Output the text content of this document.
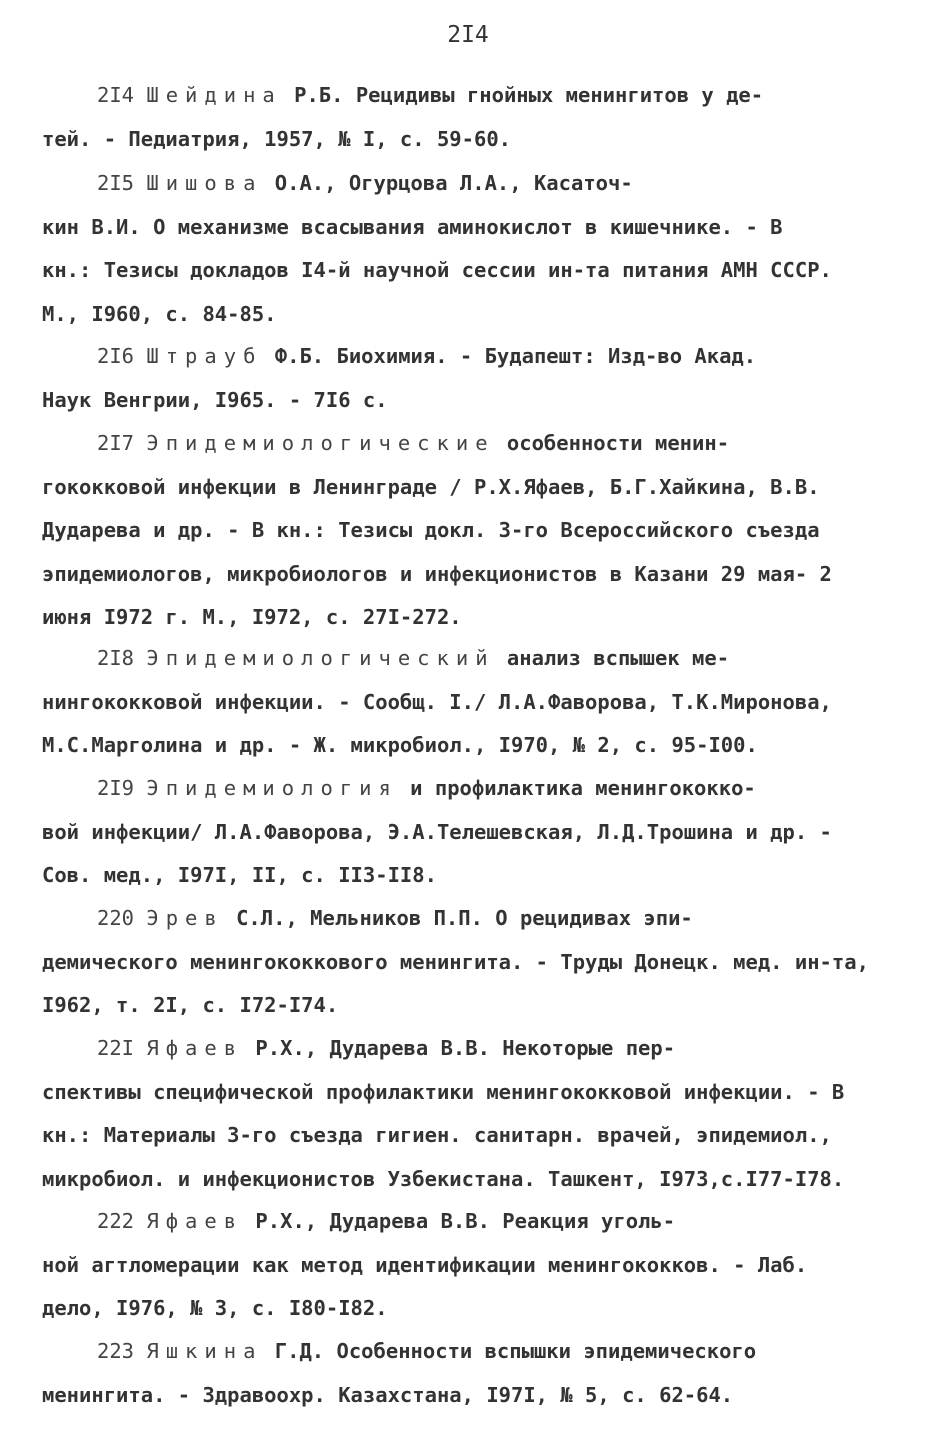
2I4
2I4 Шейдина Р.Б. Рецидивы гнойных менингитов у де-
тей. - Педиатрия, 1957, № I, с. 59-60.
2I5 Шишова О.А., Огурцова Л.А., Касаточ-
кин В.И. О механизме всасывания аминокислот в кишечнике. - В
кн.: Тезисы докладов I4-й научной сессии ин-та питания АМН СССР.
М., I960, с. 84-85.
2I6 Штрауб Ф.Б. Биохимия. - Будапешт: Изд-во Акад.
Наук Венгрии, I965. - 7I6 с.
2I7 Эпидемиологические особенности менин-
гококковой инфекции в Ленинграде / Р.Х.Яфаев, Б.Г.Хайкина, В.В.
Дударева и др. - В кн.: Тезисы докл. 3-го Всероссийского съезда
эпидемиологов, микробиологов и инфекционистов в Казани 29 мая- 2
июня I972 г. М., I972, с. 27I-272.
2I8 Эпидемиологический анализ вспышек ме-
нингококковой инфекции. - Сообщ. I./ Л.А.Фаворова, Т.К.Миронова,
М.С.Марголина и др. - Ж. микробиол., I970, № 2, с. 95-I00.
2I9 Эпидемиология и профилактика менингококко-
вой инфекции/ Л.А.Фаворова, Э.А.Телешевская, Л.Д.Трошина и др. -
Сов. мед., I97I, II, с. II3-II8.
220 Эрев С.Л., Мельников П.П. О рецидивах эпи-
демического менингококкового менингита. - Труды Донецк. мед. ин-та,
I962, т. 2I, с. I72-I74.
22I Яфаев Р.Х., Дударева В.В. Некоторые пер-
спективы специфической профилактики менингококковой инфекции. - В
кн.: Материалы 3-го съезда гигиен. санитарн. врачей, эпидемиол.,
микробиол. и инфекционистов Узбекистана. Ташкент, I973,с.I77-I78.
222 Яфаев Р.Х., Дударева В.В. Реакция уголь-
ной агтломерации как метод идентификации менингококков. - Лаб.
дело, I976, № 3, с. I80-I82.
223 Яшкина Г.Д. Особенности вспышки эпидемического
менингита. - Здравоохр. Казахстана, I97I, № 5, с. 62-64.
